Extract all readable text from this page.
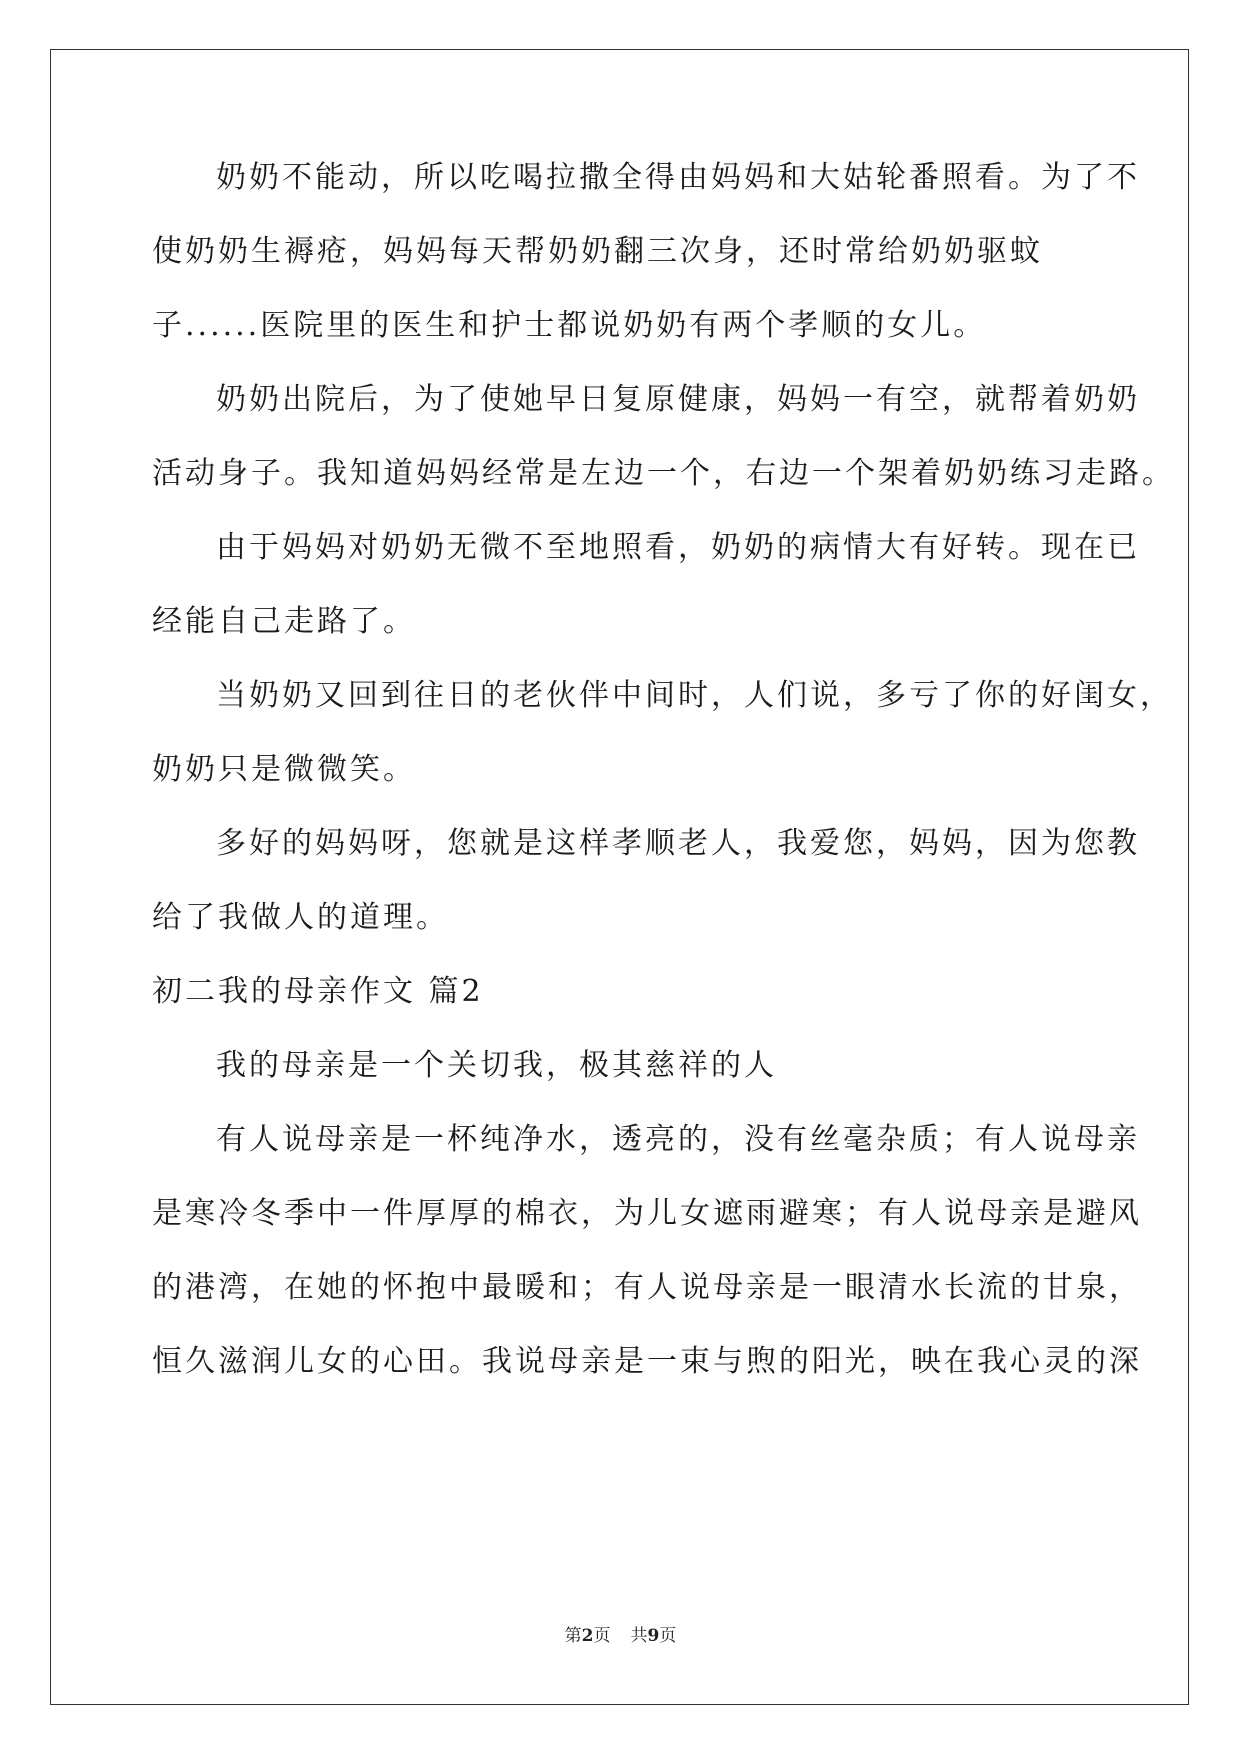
奶奶不能动，所以吃喝拉撒全得由妈妈和大姑轮番照看。为了不
使奶奶生褥疮，妈妈每天帮奶奶翻三次身，还时常给奶奶驱蚊
子......医院里的医生和护士都说奶奶有两个孝顺的女儿。
奶奶出院后，为了使她早日复原健康，妈妈一有空，就帮着奶奶
活动身子。我知道妈妈经常是左边一个，右边一个架着奶奶练习走路。
由于妈妈对奶奶无微不至地照看，奶奶的病情大有好转。现在已
经能自己走路了。
当奶奶又回到往日的老伙伴中间时，人们说，多亏了你的好闺女，
奶奶只是微微笑。
多好的妈妈呀，您就是这样孝顺老人，我爱您，妈妈，因为您教
给了我做人的道理。
初二我的母亲作文 篇2
我的母亲是一个关切我，极其慈祥的人
有人说母亲是一杯纯净水，透亮的，没有丝毫杂质；有人说母亲
是寒冷冬季中一件厚厚的棉衣，为儿女遮雨避寒；有人说母亲是避风
的港湾，在她的怀抱中最暖和；有人说母亲是一眼清水长流的甘泉，
恒久滋润儿女的心田。我说母亲是一束与煦的阳光，映在我心灵的深
第2页 共9页
